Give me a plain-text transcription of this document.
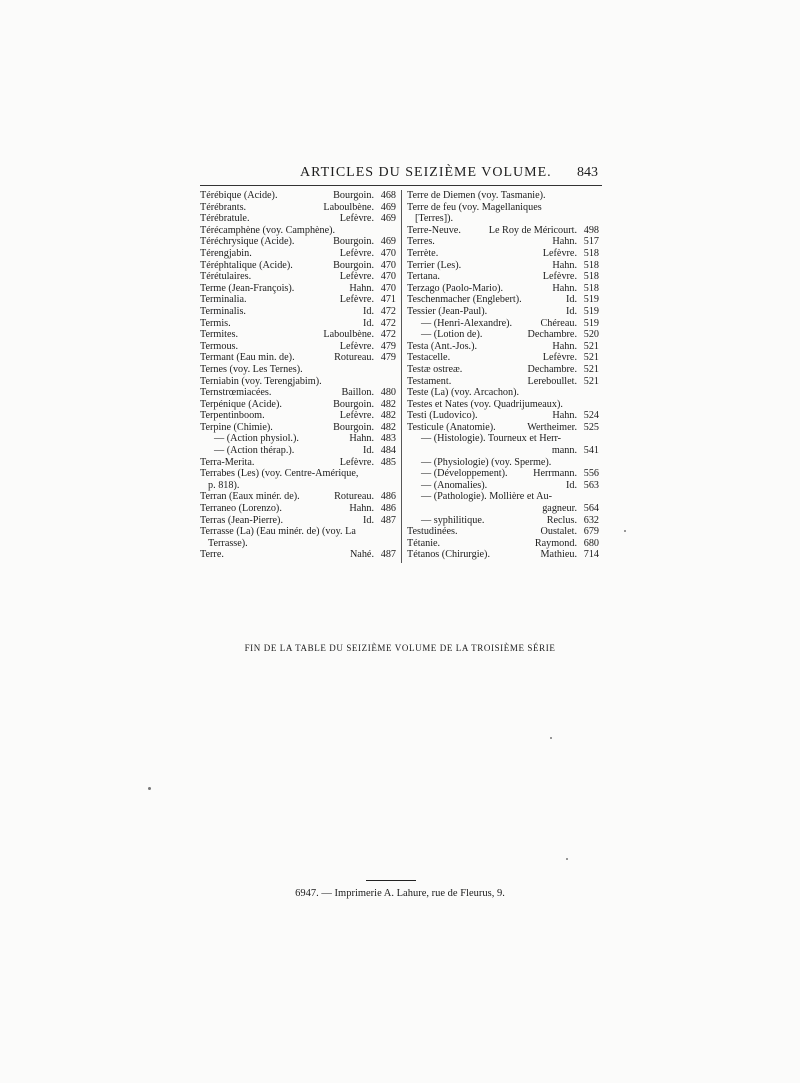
ARTICLES DU SEIZIÈME VOLUME. 843
Térébique (Acide).	Bourgoin. 468
Térébrants.	Laboulbène. 469
Térébratule.	Lefèvre. 469
Térécamphène (voy. Camphène).
Téréchrysique (Acide).	Bourgoin. 469
Térengjabin.	Lefèvre. 470
Téréphtalique (Acide).	Bourgoin. 470
Térétulaires.	Lefèvre. 470
Terme (Jean-François).	Hahn. 470
Terminalia.	Lefèvre. 471
Terminalis.	Id. 472
Termis.	Id. 472
Termites.	Laboulbène. 472
Termous.	Lefèvre. 479
Termant (Eau min. de).	Rotureau. 479
Ternes (voy. Les Ternes).
Terniabin (voy. Terengjabim).
Ternstrœmiacées.	Baillon. 480
Terpénique (Acide).	Bourgoin. 482
Terpentinboom.	Lefèvre. 482
Terpine (Chimie).	Bourgoin. 482
— (Action physiol.).	Hahn. 483
— (Action thérap.).	Id. 484
Terra-Merita.	Lefèvre. 485
Terrabes (Les) (voy. Centre-Amérique,
p. 818).
Terran (Eaux minér. de).	Rotureau. 486
Terraneo (Lorenzo).	Hahn. 486
Terras (Jean-Pierre).	Id. 487
Terrasse (La) (Eau minér. de) (voy. La
Terrasse).
Terre.	Nahé. 487
Terre de Diemen (voy. Tasmanie).
Terre de feu (voy. Magellaniques
[Terres]).
Terre-Neuve.	Le Roy de Méricourt. 498
Terres.	Hahn. 517
Terrète.	Lefèvre. 518
Terrier (Les).	Hahn. 518
Tertana.	Lefèvre. 518
Terzago (Paolo-Mario).	Hahn. 518
Teschenmacher (Englebert).	Id. 519
Tessier (Jean-Paul).	Id. 519
— (Henri-Alexandre).	Chéreau. 519
— (Lotion de).	Dechambre. 520
Testa (Ant.-Jos.).	Hahn. 521
Testacelle.	Lefèvre. 521
Testæ ostreæ.	Dechambre. 521
Testament.	Lereboullet. 521
Teste (La) (voy. Arcachon).
Testes et Nates (voy. Quadrijumeaux).
Testi (Ludovico).	Hahn. 524
Testicule (Anatomie).	Wertheimer. 525
— (Histologie). Tourneux et Herr-
mann. 541
— (Physiologie) (voy. Sperme).
— (Développement).	Herrmann. 556
— (Anomalies).	Id. 563
— (Pathologie). Mollière et Au-
gagneur. 564
— syphilitique.	Reclus. 632
Testudinées.	Oustalet. 679
Tétanie.	Raymond. 680
Tétanos (Chirurgie).	Mathieu. 714
FIN DE LA TABLE DU SEIZIÈME VOLUME DE LA TROISIÈME SÉRIE
6947. — Imprimerie A. Lahure, rue de Fleurus, 9.
